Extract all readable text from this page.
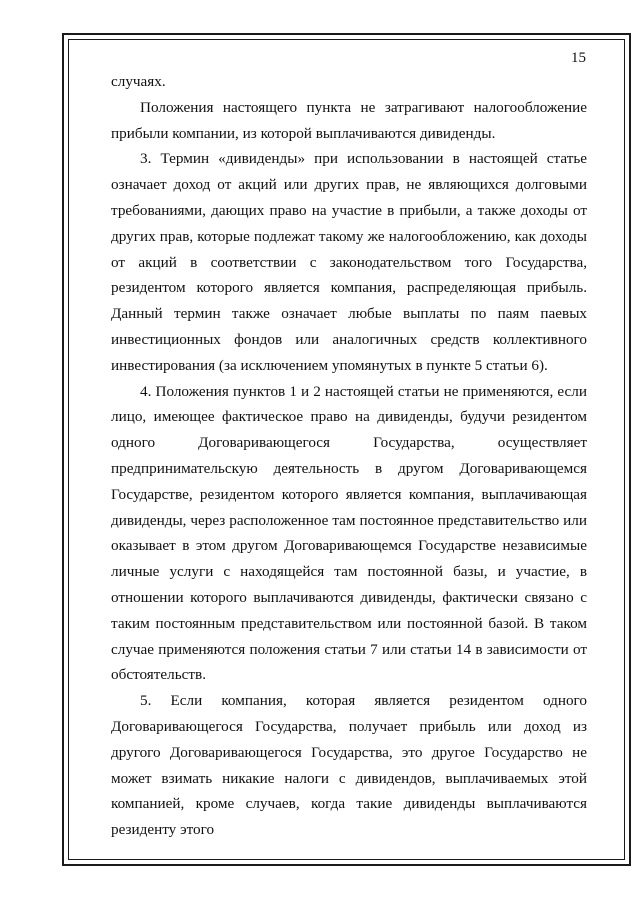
15

случаях.

Положения настоящего пункта не затрагивают налогообложение прибыли компании, из которой выплачиваются дивиденды.

3. Термин «дивиденды» при использовании в настоящей статье означает доход от акций или других прав, не являющихся долговыми требованиями, дающих право на участие в прибыли, а также доходы от других прав, которые подлежат такому же налогообложению, как доходы от акций в соответствии с законодательством того Государства, резидентом которого является компания, распределяющая прибыль. Данный термин также означает любые выплаты по паям паевых инвестиционных фондов или аналогичных средств коллективного инвестирования (за исключением упомянутых в пункте 5 статьи 6).

4. Положения пунктов 1 и 2 настоящей статьи не применяются, если лицо, имеющее фактическое право на дивиденды, будучи резидентом одного Договаривающегося Государства, осуществляет предпринимательскую деятельность в другом Договаривающемся Государстве, резидентом которого является компания, выплачивающая дивиденды, через расположенное там постоянное представительство или оказывает в этом другом Договаривающемся Государстве независимые личные услуги с находящейся там постоянной базы, и участие, в отношении которого выплачиваются дивиденды, фактически связано с таким постоянным представительством или постоянной базой. В таком случае применяются положения статьи 7 или статьи 14 в зависимости от обстоятельств.

5. Если компания, которая является резидентом одного Договаривающегося Государства, получает прибыль или доход из другого Договаривающегося Государства, это другое Государство не может взимать никакие налоги с дивидендов, выплачиваемых этой компанией, кроме случаев, когда такие дивиденды выплачиваются резиденту этого
